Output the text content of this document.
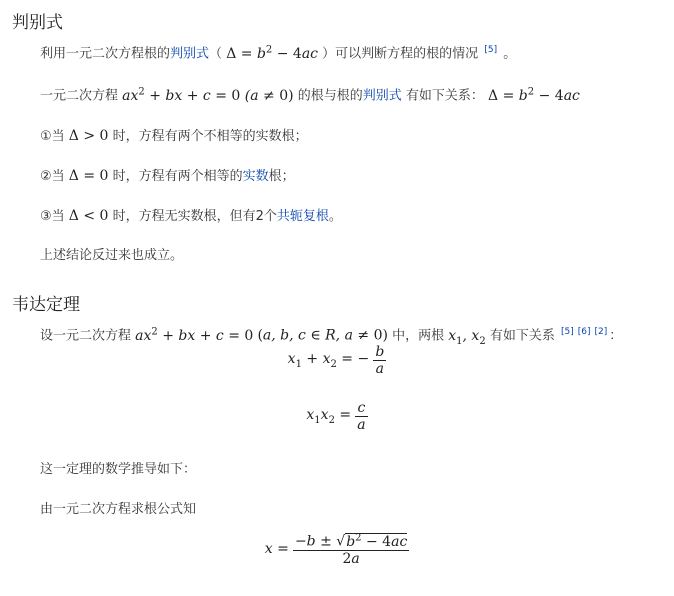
判别式
利用一元二次方程根的判别式（ $\Delta = b^2 - 4ac$ ）可以判断方程的根的情况 [5] 。
一元二次方程 $ax^2$ + bx + c = 0 (a ≠ 0) 的根与根的判别式 有如下关系： $\Delta = b^2 - 4ac$
①当 Δ > 0 时，方程有两个不相等的实数根；
②当 Δ = 0 时，方程有两个相等的实数根；
③当 Δ < 0 时，方程无实数根，但有2个共轭复根。
上述结论反过来也成立。
韦达定理
设一元二次方程 $ax^2$ + bx + c = 0 (a, b, c ∈ R, a ≠ 0) 中，两根 $x_1$, $x_2$ 有如下关系 [5] [6] [2] ：
$x_1 + x_2$ = − $\frac{b}{a}$
$x_1x_2 = \frac{c}{a}$
这一定理的数学推导如下：
由一元二次方程求根公式知
$x = \frac{-b \pm √b^2 - 4ac}{2a}$
